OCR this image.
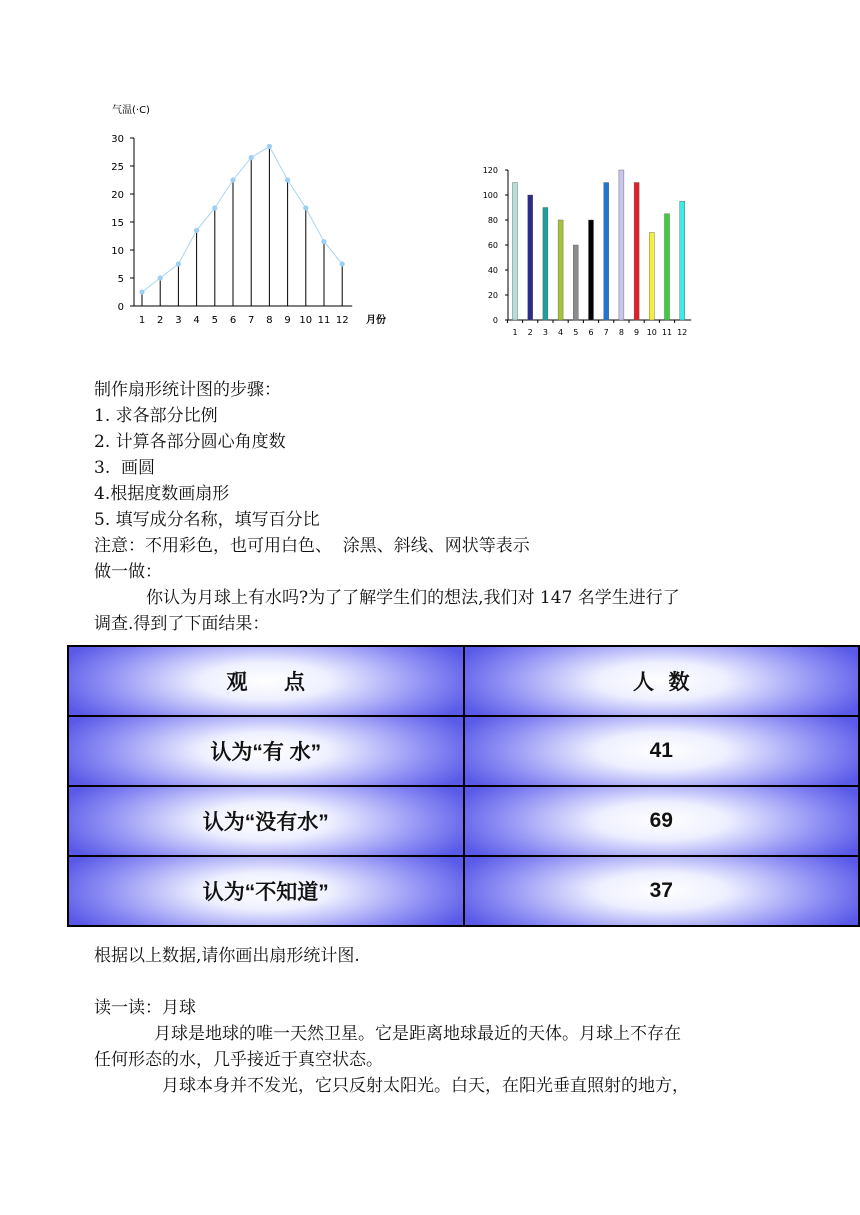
气温(·C)
0
5
10
15
20
25
30
1 2 3 4 5 6 7 8 9 10 11 12 月份	0
20
40
60
80
100
120
1 2 3 4 5 6 7 8 9 10 11 12
制作扇形统计图的步骤：
1. 求各部分比例
2. 计算各部分圆心角度数
3.  画圆
4.根据度数画扇形
5. 填写成分名称，填写百分比
注意：不用彩色，也可用白色、  涂黑、斜线、网状等表示
做一做：
你认为月球上有水吗?为了了解学生们的想法,我们对 147 名学生进行了
调查.得到了下面结果：
观     点	人  数
认为“有 水”	41
认为“没有水”	69
认为“不知道”	37
根据以上数据,请你画出扇形统计图.
读一读：月球
月球是地球的唯一天然卫星。它是距离地球最近的天体。月球上不存在
任何形态的水，几乎接近于真空状态。
月球本身并不发光，它只反射太阳光。白天，在阳光垂直照射的地方，
